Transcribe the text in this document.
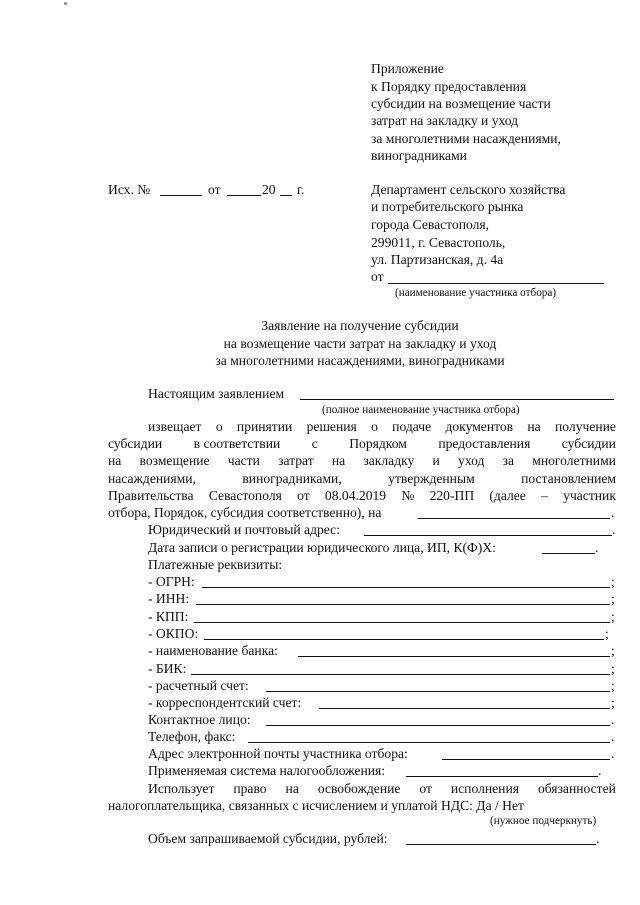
Приложение
к Порядку предоставления
субсидии на возмещение части
затрат на закладку и уход
за многолетними насаждениями,
виноградниками
Исх. №	от	20 г.	Департамент сельского хозяйства
и потребительского рынка
города Севастополя,
299011, г. Севастополь,
ул. Партизанская, д. 4а
от
(наименование участника отбора)
Заявление на получение субсидии
на возмещение части затрат на закладку и уход
за многолетними насаждениями, виноградниками
Настоящим заявлением
(полное наименование участника отбора)
извещает о принятии решения о подаче документов на получение
субсидии в соответствии с Порядком предоставления субсидии
на возмещение части затрат на закладку и уход за многолетними
насаждениями,	виноградниками,	утвержденным	постановлением
Правительства Севастополя от 08.04.2019 № 220-ПП (далее – участник
отбора, Порядок, субсидия соответственно), на	.
Юридический и почтовый адрес:	.
Дата записи о регистрации юридического лица, ИП, К(Ф)Х:	.
Платежные реквизиты:
- ОГРН:	;
- ИНН:	;
- КПП:	;
- ОКПО:	;
- наименование банка:	;
- БИК:	;
- расчетный счет:	;
- корреспондентский счет:	;
Контактное лицо:	.
Телефон, факс:	.
Адрес электронной почты участника отбора:	.
Применяемая система налогообложения:	.
Использует право на освобождение от исполнения обязанностей
налогоплательщика, связанных с исчислением и уплатой НДС: Да / Нет
(нужное подчеркнуть)
Объем запрашиваемой субсидии, рублей:	.
